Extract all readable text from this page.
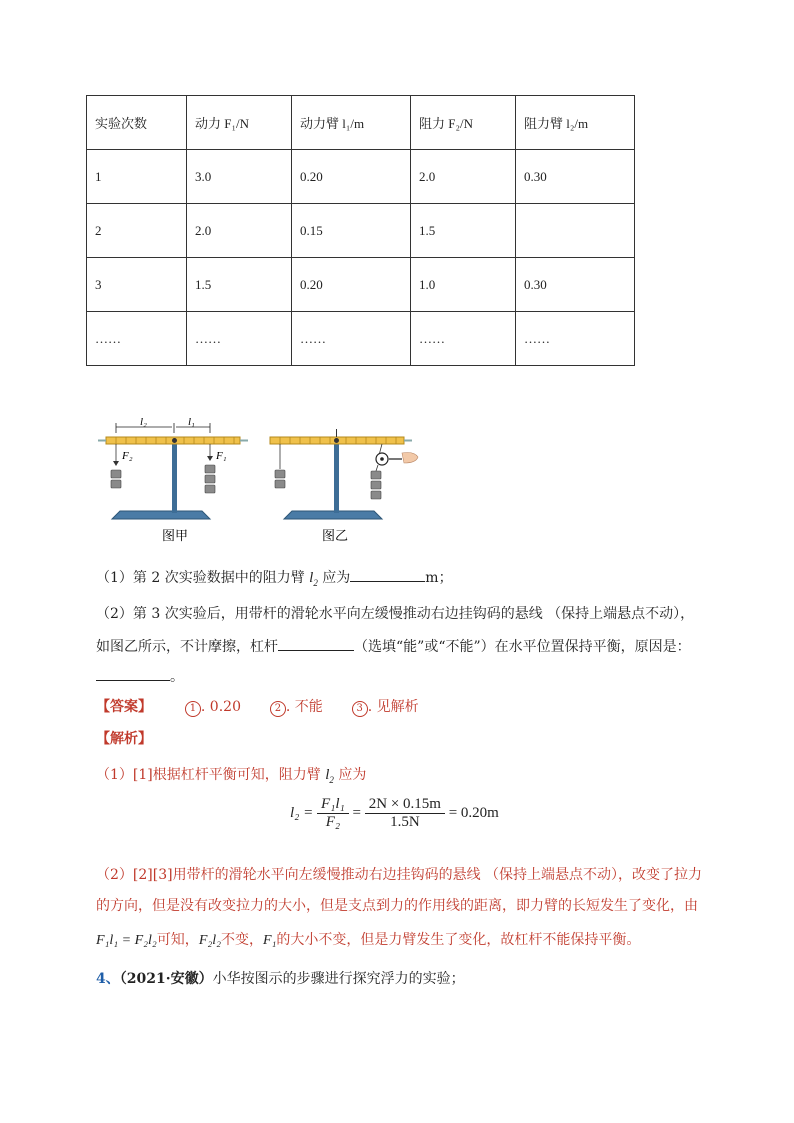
实验次数	动力 F₁/N	动力臂 l₁/m	阻力 F₂/N	阻力臂 l₂/m
1	3.0	0.20	2.0	0.30
2	2.0	0.15	1.5	
3	1.5	0.20	1.0	0.30
……	……	……	……	……
l₂	l₁
F₂	F₁
图甲	图乙
（1）第 2 次实验数据中的阻力臂 $l_2$ 应为	m；
（2）第 3 次实验后，用带杆的滑轮水平向左缓慢推动右边挂钩码的悬线 （保持上端悬点不动），
如图乙所示，不计摩擦，杠杆	（选填“能”或“不能”）在水平位置保持平衡，原因是：
。
【答案】	1 . 0.20	2 . 不能	3 . 见解析
【解析】
（1）[1]根据杠杆平衡可知，阻力臂 $l_2$ 应为
$l_2 = \frac{\text{F₁l₁}}{\text{F₂}} = \frac{2N \times 0.15m}{1.5N} = 0.20m$
（2）[2][3]用带杆的滑轮水平向左缓慢推动右边挂钩码的悬线 （保持上端悬点不动），改变了拉力
的方向，但是没有改变拉力的大小，但是支点到力的作用线的距离，即力臂的长短发生了变化，由
F₁l₁ = F₂l₂可知，F₂l₂不变，F₁的大小不变，但是力臂发生了变化，故杠杆不能保持平衡。
4、（2021·安徽）小华按图示的步骤进行探究浮力的实验；
